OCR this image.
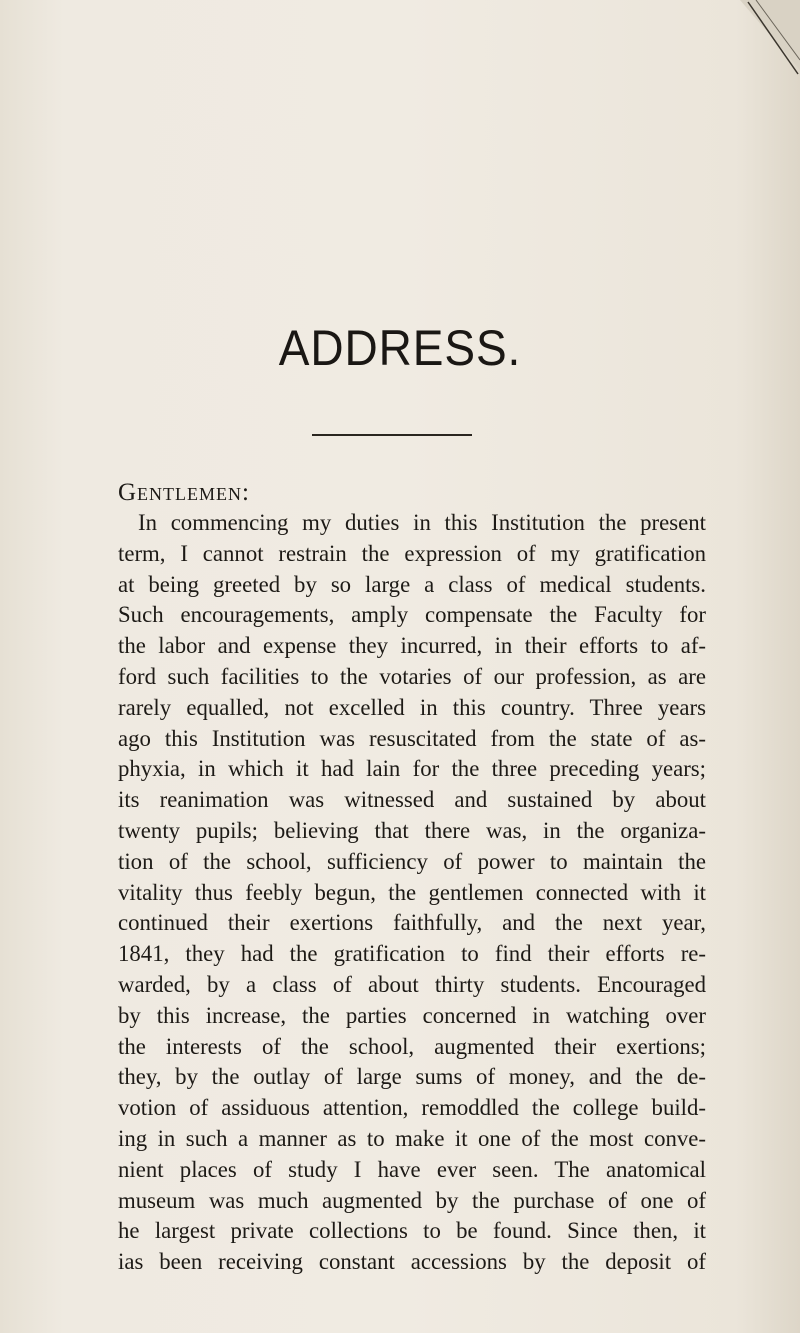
ADDRESS.
Gentlemen:
In commencing my duties in this Institution the present
term, I cannot restrain the expression of my gratification
at being greeted by so large a class of medical students.
Such encouragements, amply compensate the Faculty for
the labor and expense they incurred, in their efforts to af-
ford such facilities to the votaries of our profession, as are
rarely equalled, not excelled in this country. Three years
ago this Institution was resuscitated from the state of as-
phyxia, in which it had lain for the three preceding years;
its reanimation was witnessed and sustained by about
twenty pupils; believing that there was, in the organiza-
tion of the school, sufficiency of power to maintain the
vitality thus feebly begun, the gentlemen connected with it
continued their exertions faithfully, and the next year,
1841, they had the gratification to find their efforts re-
warded, by a class of about thirty students. Encouraged
by this increase, the parties concerned in watching over
the interests of the school, augmented their exertions;
they, by the outlay of large sums of money, and the de-
votion of assiduous attention, remoddled the college build-
ing in such a manner as to make it one of the most conve-
nient places of study I have ever seen. The anatomical
museum was much augmented by the purchase of one of
he largest private collections to be found. Since then, it
ias been receiving constant accessions by the deposit of
